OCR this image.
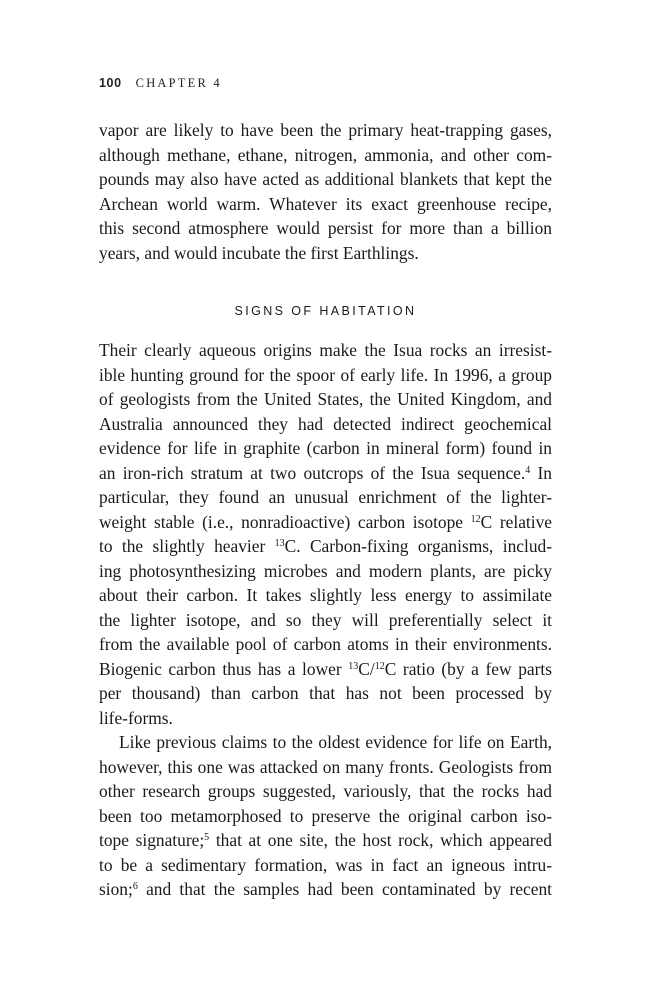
100 CHAPTER 4
vapor are likely to have been the primary heat-trapping gases,
although methane, ethane, nitrogen, ammonia, and other com-
pounds may also have acted as additional blankets that kept the
Archean world warm. Whatever its exact greenhouse recipe,
this second atmosphere would persist for more than a billion
years, and would incubate the first Earthlings.
SIGNS OF HABITATION
Their clearly aqueous origins make the Isua rocks an irresist-
ible hunting ground for the spoor of early life. In 1996, a group
of geologists from the United States, the United Kingdom, and
Australia announced they had detected indirect geochemical
evidence for life in graphite (carbon in mineral form) found in
an iron-rich stratum at two outcrops of the Isua sequence.$^4$ In
particular, they found an unusual enrichment of the lighter-
weight stable (i.e., nonradioactive) carbon isotope $^{12}$C relative
to the slightly heavier $^{13}$C. Carbon-fixing organisms, includ-
ing photosynthesizing microbes and modern plants, are picky
about their carbon. It takes slightly less energy to assimilate
the lighter isotope, and so they will preferentially select it
from the available pool of carbon atoms in their environments.
Biogenic carbon thus has a lower $^{13}$C/$^{12}$C ratio (by a few parts
per thousand) than carbon that has not been processed by
life-forms.
Like previous claims to the oldest evidence for life on Earth,
however, this one was attacked on many fronts. Geologists from
other research groups suggested, variously, that the rocks had
been too metamorphosed to preserve the original carbon iso-
tope signature;$^5$ that at one site, the host rock, which appeared
to be a sedimentary formation, was in fact an igneous intru-
sion;$^6$ and that the samples had been contaminated by recent
